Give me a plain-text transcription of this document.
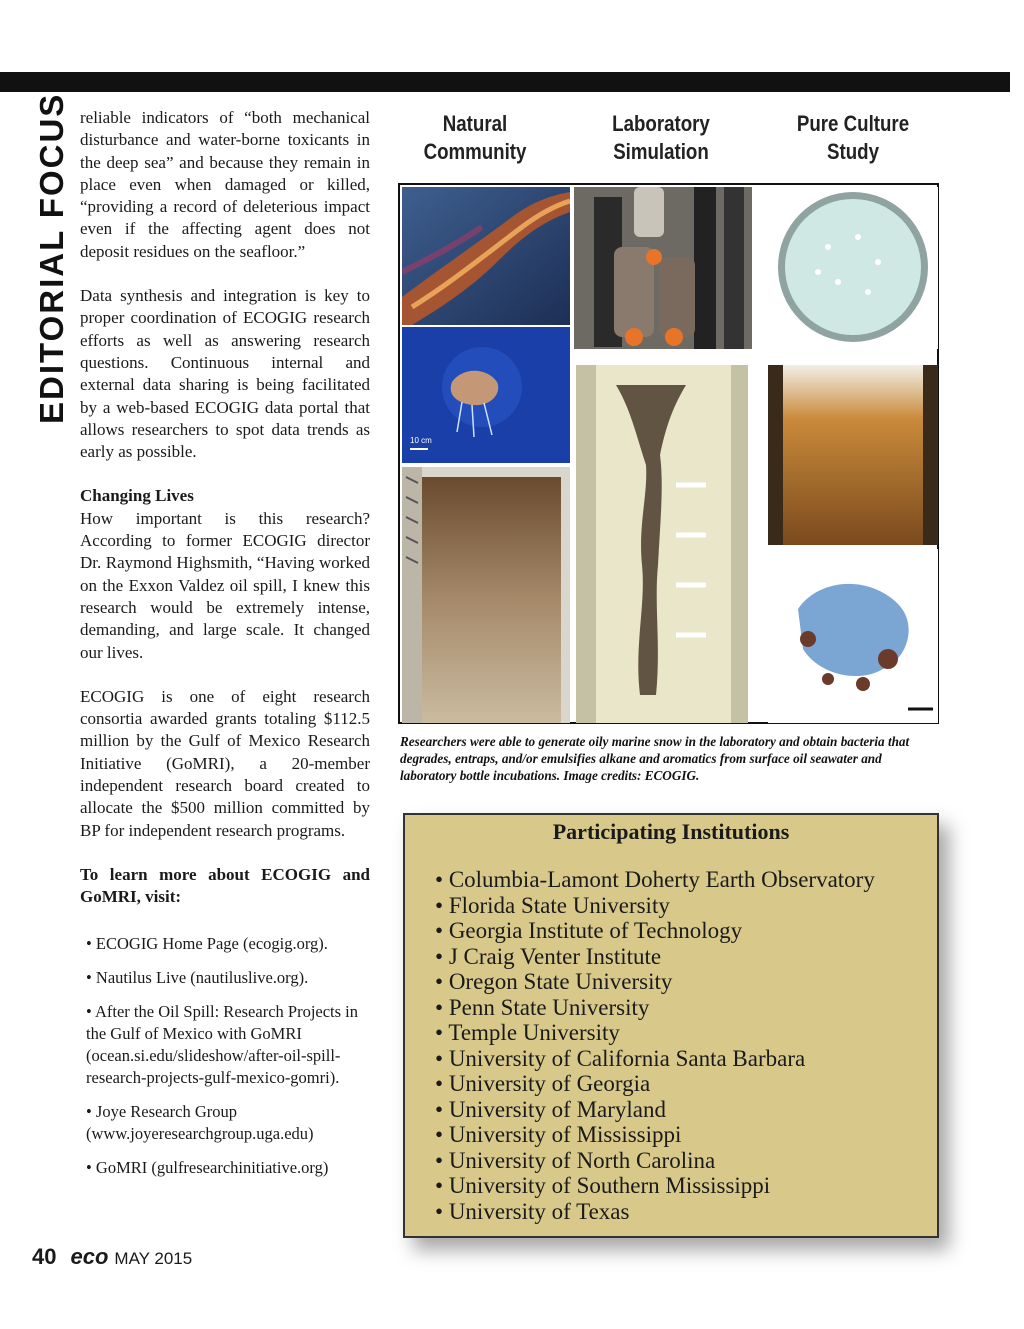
EDITORIAL FOCUS reliable indicators of “both mechanical disturbance and water-borne toxicants in the deep sea” and because they remain in place even when damaged or killed, “providing a record of deleterious impact even if the affecting agent does not deposit residues on the seafloor.”

Data synthesis and integration is key to proper coordination of ECOGIG research efforts as well as answering research questions. Continuous internal and external data sharing is being facilitated by a web-based ECOGIG data portal that allows researchers to spot data trends as early as possible.

Changing Lives

How important is this research? According to former ECOGIG director Dr. Raymond Highsmith, “Having worked on the Exxon Valdez oil spill, I knew this research would be extremely intense, demanding, and large scale. It changed our lives.

ECOGIG is one of eight research consortia awarded grants totaling $112.5 million by the Gulf of Mexico Research Initiative (GoMRI), a 20-member independent research board created to allocate the $500 million committed by BP for independent research programs.

To learn more about ECOGIG and GoMRI, visit:

• ECOGIG Home Page (ecogig.org).

• Nautilus Live (nautiluslive.org).

• After the Oil Spill: Research Projects in the Gulf of Mexico with GoMRI (ocean.si.edu/slideshow/after-oil-spill-research-projects-gulf-mexico-gomri).

• Joye Research Group (www.joyeresearchgroup.uga.edu)

• GoMRI (gulfresearchinitiative.org)

Natural Community
Laboratory Simulation
Pure Culture Study
10 cm
Researchers were able to generate oily marine snow in the laboratory and obtain bacteria that degrades, entraps, and/or emulsifies alkane and aromatics from surface oil seawater and laboratory bottle incubations. Image credits: ECOGIG.
Participating Institutions
• Columbia-Lamont Doherty Earth Observatory
• Florida State University
• Georgia Institute of Technology
• J Craig Venter Institute
• Oregon State University
• Penn State University
• Temple University
• University of California Santa Barbara
• University of Georgia
• University of Maryland
• University of Mississippi
• University of North Carolina
• University of Southern Mississippi
• University of Texas
40 eco MAY 2015
